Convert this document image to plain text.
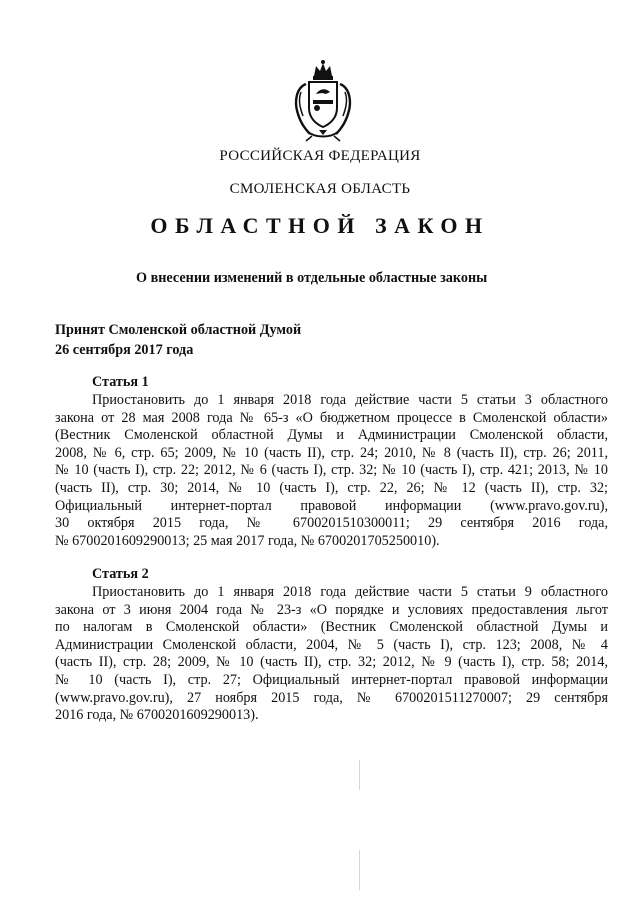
РОССИЙСКАЯ ФЕДЕРАЦИЯ
СМОЛЕНСКАЯ ОБЛАСТЬ
ОБЛАСТНОЙ ЗАКОН
О внесении изменений в отдельные областные законы
Принят Смоленской областной Думой
26 сентября 2017 года
Статья 1
Приостановить до 1 января 2018 года действие части 5 статьи 3 областного
закона от 28 мая 2008 года № 65-з «О бюджетном процессе в Смоленской области»
(Вестник Смоленской областной Думы и Администрации Смоленской области,
2008, № 6, стр. 65; 2009, № 10 (часть II), стр. 24; 2010, № 8 (часть II), стр. 26; 2011,
№ 10 (часть I), стр. 22; 2012, № 6 (часть I), стр. 32; № 10 (часть I), стр. 421; 2013, № 10
(часть II), стр. 30; 2014, № 10 (часть I), стр. 22, 26; № 12 (часть II), стр. 32;
Официальный интернет-портал правовой информации (www.pravo.gov.ru),
30 октября 2015 года, № 6700201510300011; 29 сентября 2016 года,
№ 6700201609290013; 25 мая 2017 года, № 6700201705250010).
Статья 2
Приостановить до 1 января 2018 года действие части 5 статьи 9 областного
закона от 3 июня 2004 года № 23-з «О порядке и условиях предоставления льгот
по налогам в Смоленской области» (Вестник Смоленской областной Думы и
Администрации Смоленской области, 2004, № 5 (часть I), стр. 123; 2008, № 4
(часть II), стр. 28; 2009, № 10 (часть II), стр. 32; 2012, № 9 (часть I), стр. 58; 2014,
№ 10 (часть I), стр. 27; Официальный интернет-портал правовой информации
(www.pravo.gov.ru), 27 ноября 2015 года, № 6700201511270007; 29 сентября
2016 года, № 6700201609290013).
